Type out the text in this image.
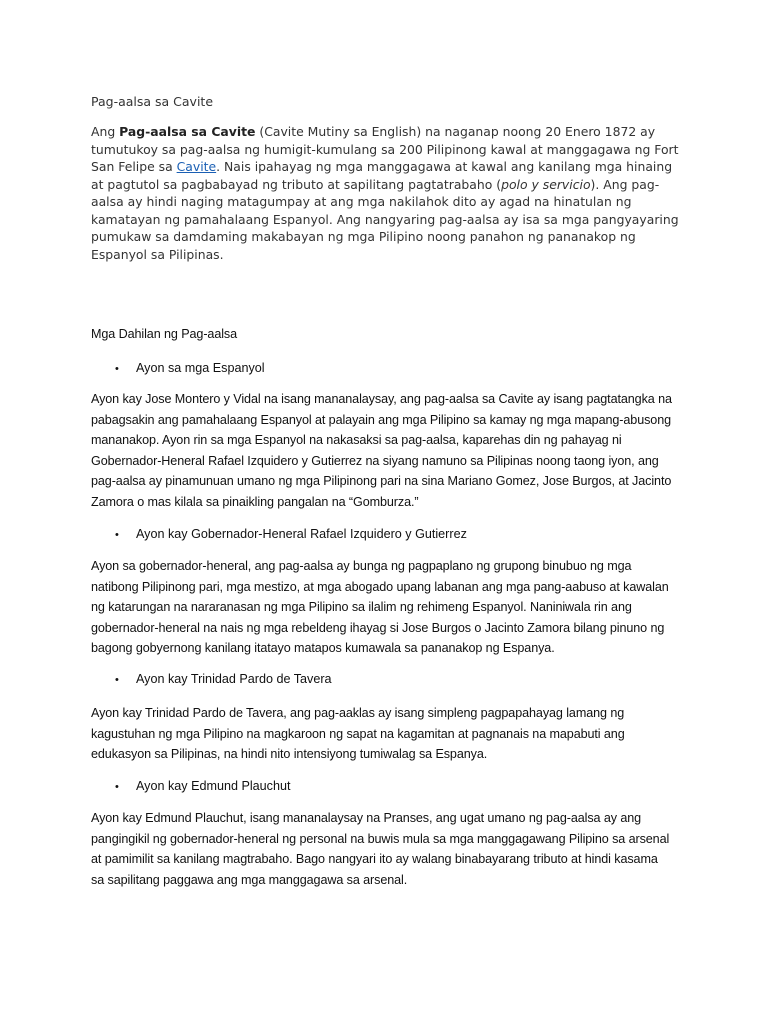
Pag-aalsa sa Cavite

Ang Pag-aalsa sa Cavite (Cavite Mutiny sa English) na naganap noong 20 Enero 1872 ay tumutukoy sa pag-aalsa ng humigit-kumulang sa 200 Pilipinong kawal at manggagawa ng Fort San Felipe sa Cavite. Nais ipahayag ng mga manggagawa at kawal ang kanilang mga hinaing at pagtutol sa pagbabayad ng tributo at sapilitang pagtatrabaho (polo y servicio). Ang pag-aalsa ay hindi naging matagumpay at ang mga nakilahok dito ay agad na hinatulan ng kamatayan ng pamahalaang Espanyol. Ang nangyaring pag-aalsa ay isa sa mga pangyayaring pumukaw sa damdaming makabayan ng mga Pilipino noong panahon ng pananakop ng Espanyol sa Pilipinas.

Mga Dahilan ng Pag-aalsa

• Ayon sa mga Espanyol

Ayon kay Jose Montero y Vidal na isang mananalaysay, ang pag-aalsa sa Cavite ay isang pagtatangka na
pabagsakin ang pamahalaang Espanyol at palayain ang mga Pilipino sa kamay ng mga mapang-abusong
mananakop. Ayon rin sa mga Espanyol na nakasaksi sa pag-aalsa, kaparehas din ng pahayag ni
Gobernador-Heneral Rafael Izquidero y Gutierrez na siyang namuno sa Pilipinas noong taong iyon, ang
pag-aalsa ay pinamunuan umano ng mga Pilipinong pari na sina Mariano Gomez, Jose Burgos, at Jacinto
Zamora o mas kilala sa pinaikling pangalan na “Gomburza.”

• Ayon kay Gobernador-Heneral Rafael Izquidero y Gutierrez

Ayon sa gobernador-heneral, ang pag-aalsa ay bunga ng pagpaplano ng grupong binubuo ng mga
natibong Pilipinong pari, mga mestizo, at mga abogado upang labanan ang mga pang-aabuso at kawalan
ng katarungan na nararanasan ng mga Pilipino sa ilalim ng rehimeng Espanyol. Naniniwala rin ang
gobernador-heneral na nais ng mga rebeldeng ihayag si Jose Burgos o Jacinto Zamora bilang pinuno ng
bagong gobyernong kanilang itatayo matapos kumawala sa pananakop ng Espanya.

• Ayon kay Trinidad Pardo de Tavera

Ayon kay Trinidad Pardo de Tavera, ang pag-aaklas ay isang simpleng pagpapahayag lamang ng
kagustuhan ng mga Pilipino na magkaroon ng sapat na kagamitan at pagnanais na mapabuti ang
edukasyon sa Pilipinas, na hindi nito intensiyong tumiwalag sa Espanya.

• Ayon kay Edmund Plauchut

Ayon kay Edmund Plauchut, isang mananalaysay na Pranses, ang ugat umano ng pag-aalsa ay ang
pangingikil ng gobernador-heneral ng personal na buwis mula sa mga manggagawang Pilipino sa arsenal
at pamimilit sa kanilang magtrabaho. Bago nangyari ito ay walang binabayarang tributo at hindi kasama
sa sapilitang paggawa ang mga manggagawa sa arsenal.
